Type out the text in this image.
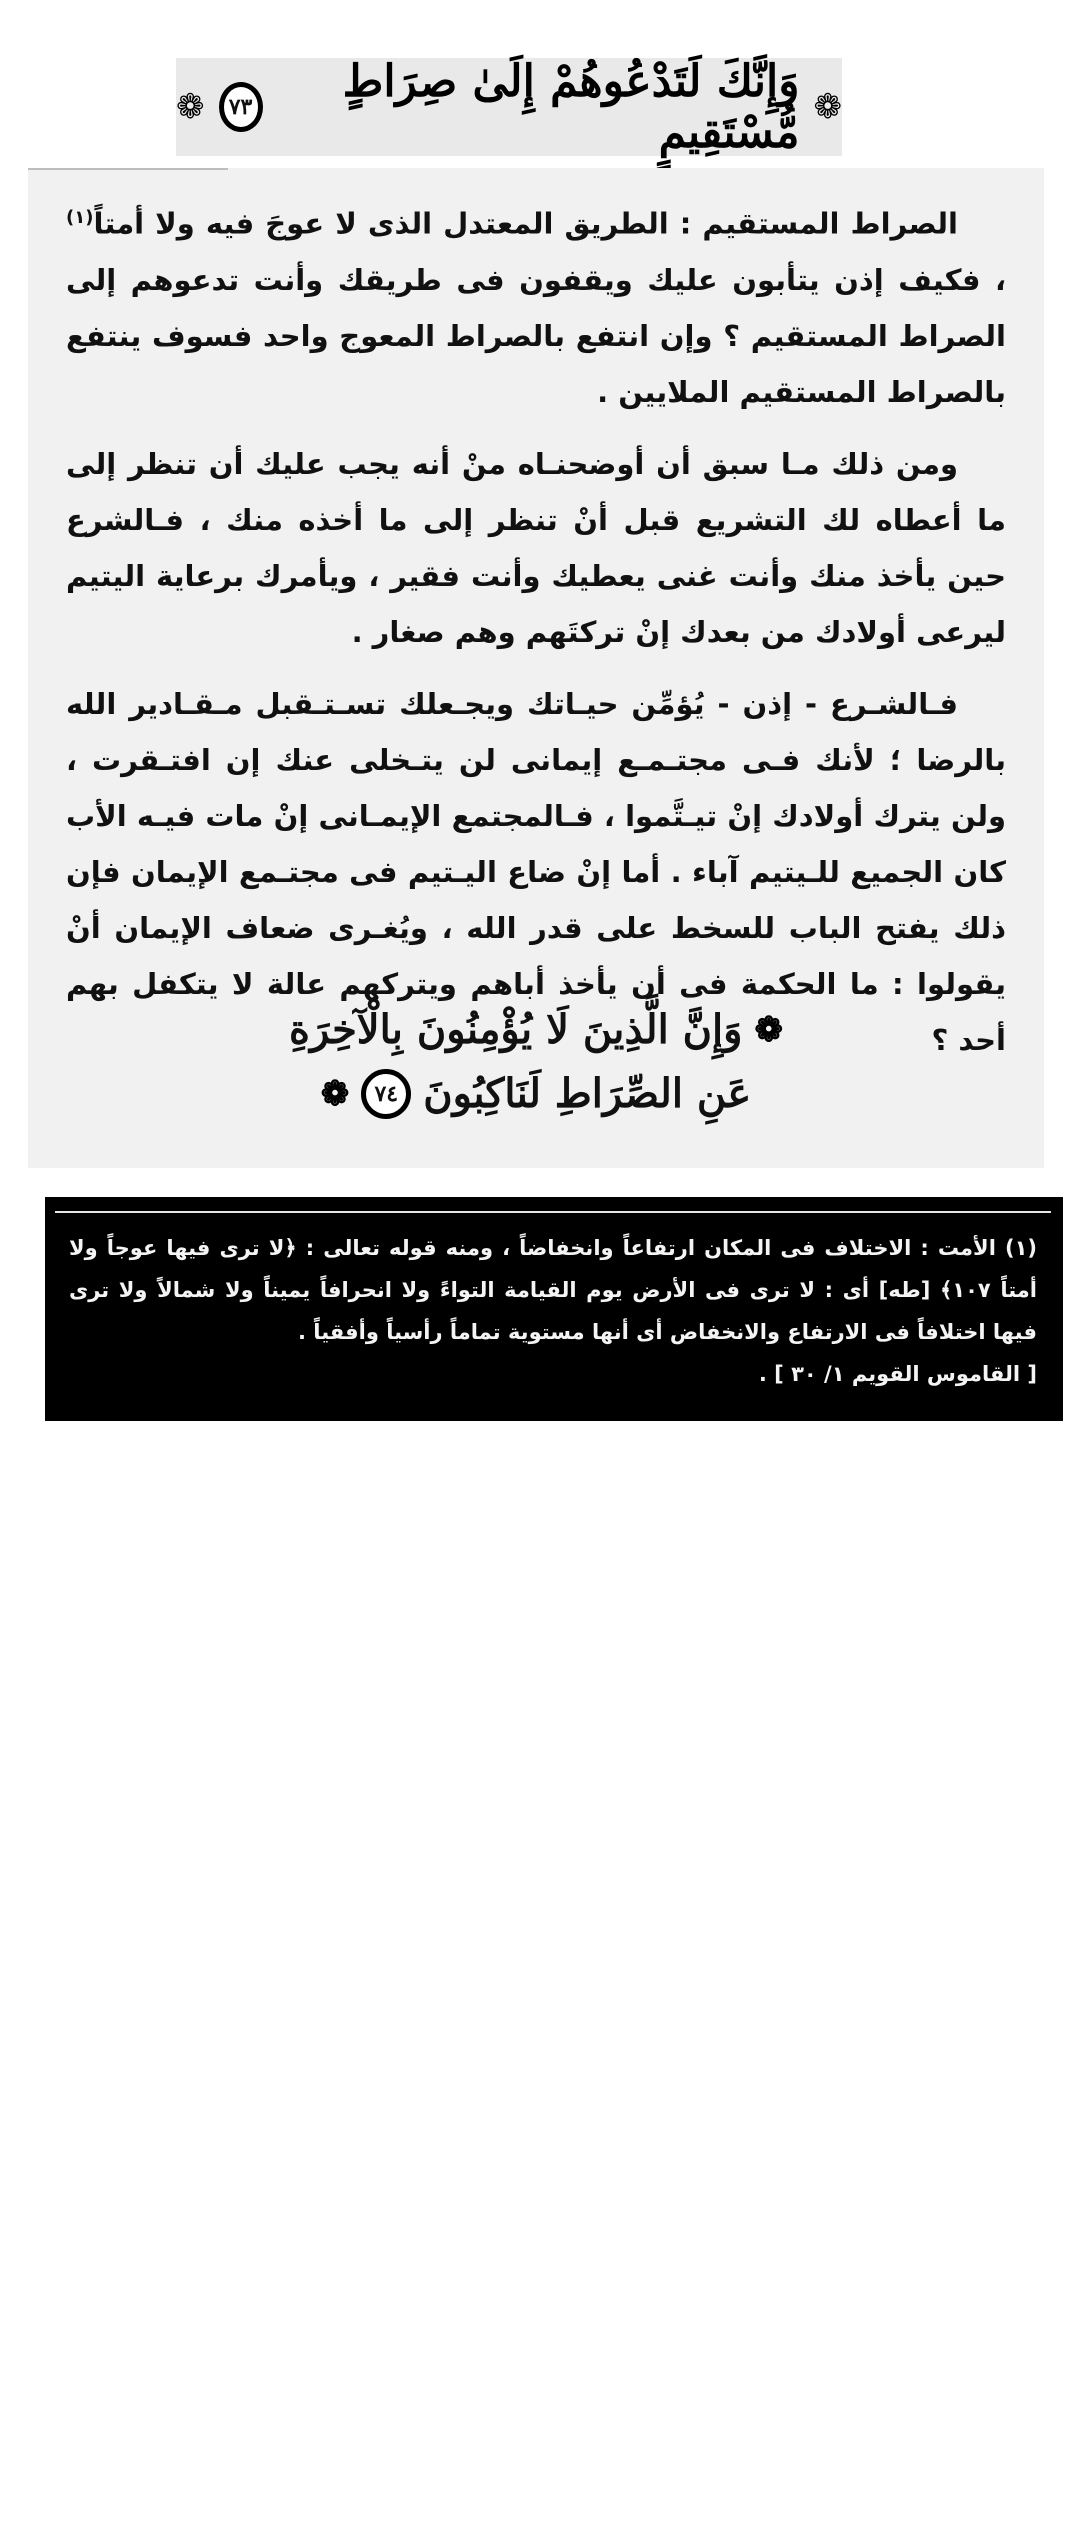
❁
وَإِنَّكَ لَتَدْعُوهُمْ إِلَىٰ صِرَاطٍ مُّسْتَقِيمٍ
٧٣
❁

الصراط المستقيم : الطريق المعتدل الذى لا عوجَ فيه ولا أمتاً$^{(١)}$ ، فكيف إذن يتأبون عليك ويقفون فى طريقك وأنت تدعوهم إلى الصراط المستقيم ؟ وإن انتفع بالصراط المعوج واحد فسوف ينتفع بالصراط المستقيم الملايين .

ومن ذلك مـا سبق أن أوضحنـاه منْ أنه يجب عليك أن تنظر إلى ما أعطاه لك التشريع قبل أنْ تنظر إلى ما أخذه منك ، فـالشرع حين يأخذ منك وأنت غنى يعطيك وأنت فقير ، ويأمرك برعاية اليتيم ليرعى أولادك من بعدك إنْ تركتَهم وهم صغار .

فـالشـرع - إذن - يُؤمِّن حيـاتك ويجـعلك تسـتـقبل مـقـادير الله بالرضا ؛ لأنك فـى مجتـمـع إيمانى لن يتـخلى عنك إن افتـقرت ، ولن يترك أولادك إنْ تيـتَّموا ، فـالمجتمع الإيمـانى إنْ مات فيـه الأب كان الجميع للـيتيم آباء . أما إنْ ضاع اليـتيم فى مجتـمع الإيمان فإن ذلك يفتح الباب للسخط على قدر الله ، ويُغـرى ضعاف الإيمان أنْ يقولوا : ما الحكمة فى أن يأخذ أباهم ويتركهم عالة لا يتكفل بهم أحد ؟

❁
وَإِنَّ الَّذِينَ لَا يُؤْمِنُونَ بِالْآخِرَةِ
عَنِ الصِّرَاطِ لَنَاكِبُونَ
٧٤
❁
(١) الأمت : الاختلاف فى المكان ارتفاعاً وانخفاضاً ، ومنه قوله تعالى : ﴿لا ترى فيها عوجاً ولا أمتاً ١٠٧﴾ [طه] أى : لا ترى فى الأرض يوم القيامة التواءً ولا انحرافاً يميناً ولا شمالاً ولا ترى فيها اختلافاً فى الارتفاع والانخفاض أى أنها مستوية تماماً رأسياً وأفقياً .
[ القاموس القويم ١/ ٣٠ ] .
